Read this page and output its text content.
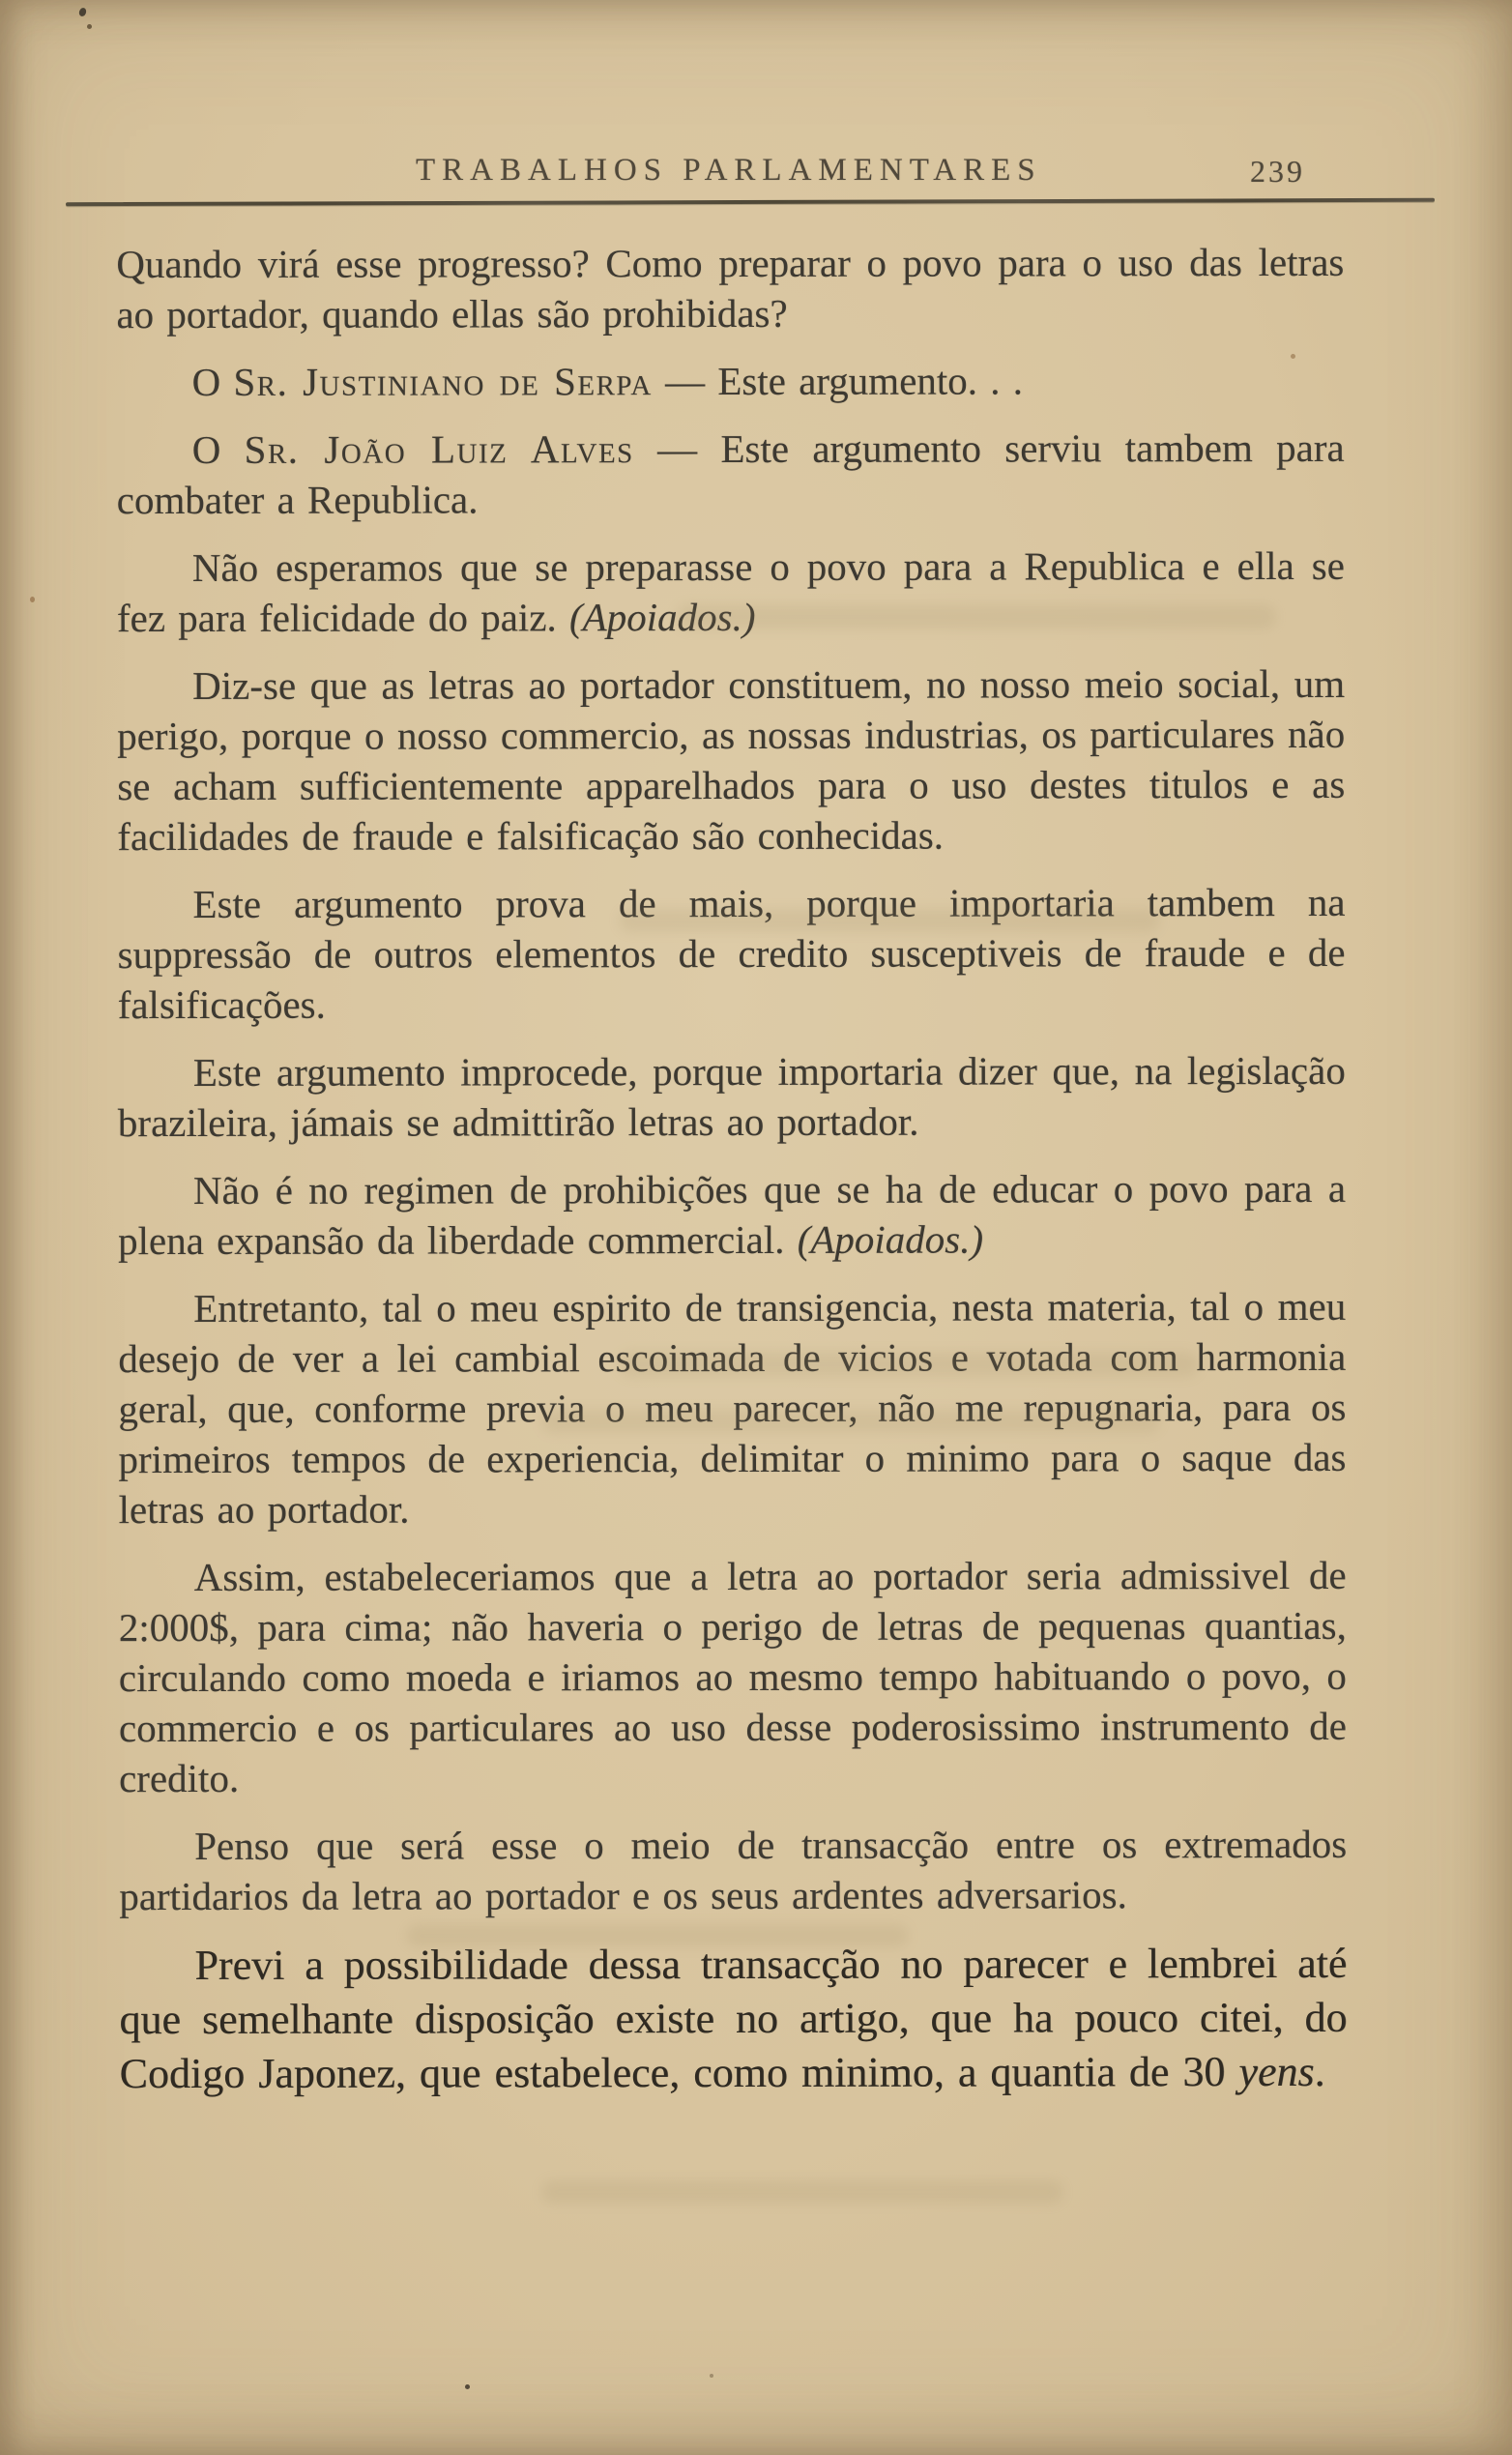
TRABALHOS PARLAMENTARES	239

Quando virá esse progresso? Como preparar o povo para o uso das letras ao portador, quando ellas são prohibidas?

O Sr. Justiniano de Serpa — Este argumento. . .

O Sr. João Luiz Alves — Este argumento serviu tambem para combater a Republica.

Não esperamos que se preparasse o povo para a Republica e ella se fez para felicidade do paiz. (Apoiados.)

Diz-se que as letras ao portador constituem, no nosso meio social, um perigo, porque o nosso commercio, as nossas industrias, os particulares não se acham sufficientemente apparelhados para o uso destes titulos e as facilidades de fraude e falsificação são conhecidas.

Este argumento prova de mais, porque importaria tambem na suppressão de outros elementos de credito susceptiveis de fraude e de falsificações.

Este argumento improcede, porque importaria dizer que, na legislação brazileira, jámais se admittirão letras ao portador.

Não é no regimen de prohibições que se ha de educar o povo para a plena expansão da liberdade commercial. (Apoiados.)

Entretanto, tal o meu espirito de transigencia, nesta materia, tal o meu desejo de ver a lei cambial escoimada de vicios e votada com harmonia geral, que, conforme previa o meu parecer, não me repugnaria, para os primeiros tempos de experiencia, delimitar o minimo para o saque das letras ao portador.

Assim, estabeleceriamos que a letra ao portador seria admissivel de 2:000$, para cima; não haveria o perigo de letras de pequenas quantias, circulando como moeda e iriamos ao mesmo tempo habituando o povo, o commercio e os particulares ao uso desse poderosissimo instrumento de credito.

Penso que será esse o meio de transacção entre os extremados partidarios da letra ao portador e os seus ardentes adversarios.

Previ a possibilidade dessa transacção no parecer e lembrei até que semelhante disposição existe no artigo, que ha pouco citei, do Codigo Japonez, que estabelece, como minimo, a quantia de 30 yens.
